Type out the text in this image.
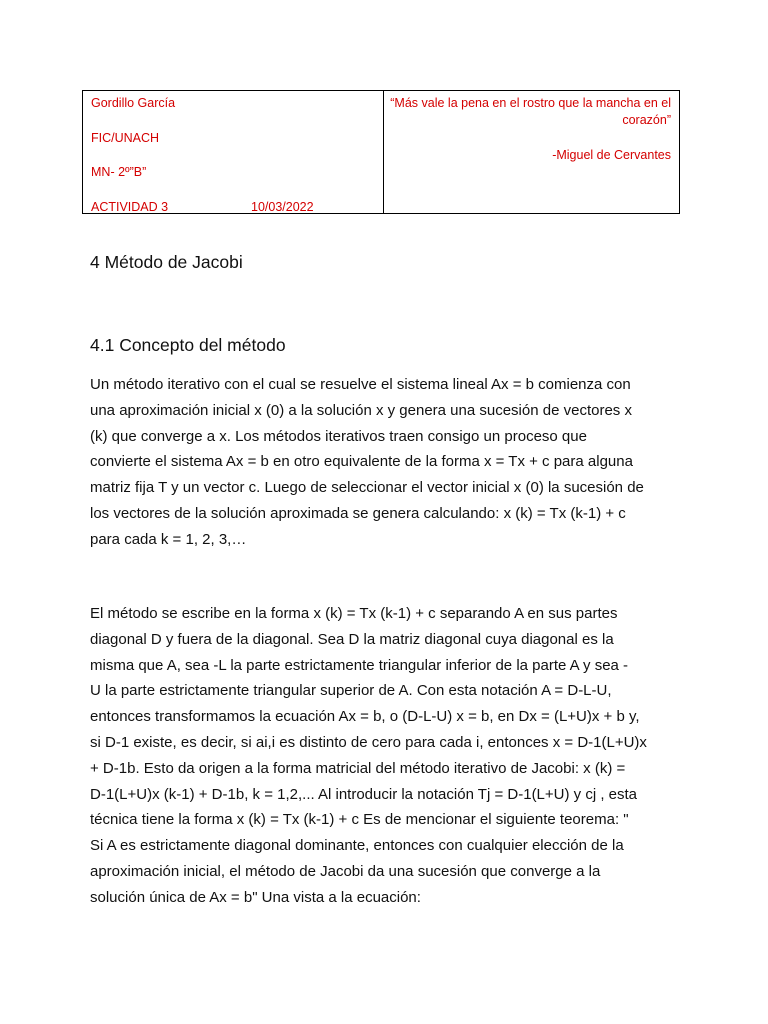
Gordillo García
FIC/UNACH
MN- 2º”B”
ACTIVIDAD 3	10/03/2022
“Más vale la pena en el rostro que la mancha en el
corazón”
-Miguel de Cervantes
4 Método de Jacobi
4.1 Concepto del método
Un método iterativo con el cual se resuelve el sistema lineal Ax = b comienza con
una aproximación inicial x (0) a la solución x y genera una sucesión de vectores x
(k) que converge a x. Los métodos iterativos traen consigo un proceso que
convierte el sistema Ax = b en otro equivalente de la forma x = Tx + c para alguna
matriz fija T y un vector c. Luego de seleccionar el vector inicial x (0) la sucesión de
los vectores de la solución aproximada se genera calculando: x (k) = Tx (k-1) + c
para cada k = 1, 2, 3,…
El método se escribe en la forma x (k) = Tx (k-1) + c separando A en sus partes
diagonal D y fuera de la diagonal. Sea D la matriz diagonal cuya diagonal es la
misma que A, sea -L la parte estrictamente triangular inferior de la parte A y sea -
U la parte estrictamente triangular superior de A. Con esta notación A = D-L-U,
entonces transformamos la ecuación Ax = b, o (D-L-U) x = b, en Dx = (L+U)x + b y,
si D-1 existe, es decir, si ai,i es distinto de cero para cada i, entonces x = D-1(L+U)x
+ D-1b. Esto da origen a la forma matricial del método iterativo de Jacobi: x (k) =
D-1(L+U)x (k-1) + D-1b, k = 1,2,... Al introducir la notación Tj = D-1(L+U) y cj , esta
técnica tiene la forma x (k) = Tx (k-1) + c Es de mencionar el siguiente teorema: "
Si A es estrictamente diagonal dominante, entonces con cualquier elección de la
aproximación inicial, el método de Jacobi da una sucesión que converge a la
solución única de Ax = b" Una vista a la ecuación:
